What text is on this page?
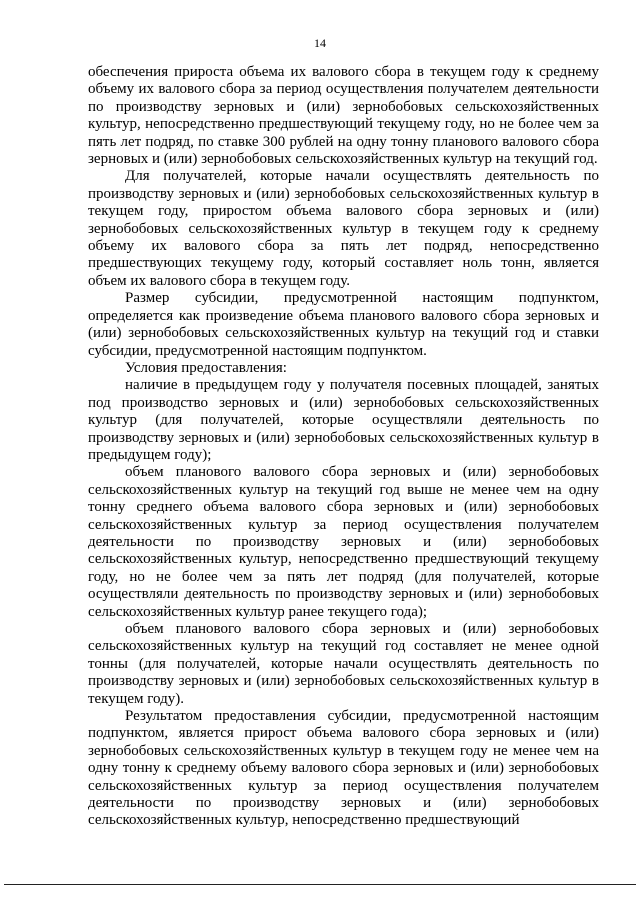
14

обеспечения прироста объема их валового сбора в текущем году к среднему объему их валового сбора за период осуществления получателем деятельности по производству зерновых и (или) зернобобовых сельскохозяйственных культур, непосредственно предшествующий текущему году, но не более чем за пять лет подряд, по ставке 300 рублей на одну тонну планового валового сбора зерновых и (или) зернобобовых сельскохозяйственных культур на текущий год.

Для получателей, которые начали осуществлять деятельность по производству зерновых и (или) зернобобовых сельскохозяйственных культур в текущем году, приростом объема валового сбора зерновых и (или) зернобобовых сельскохозяйственных культур в текущем году к среднему объему их валового сбора за пять лет подряд, непосредственно предшествующих текущему году, который составляет ноль тонн, является объем их валового сбора в текущем году.

Размер субсидии, предусмотренной настоящим подпунктом, определяется как произведение объема планового валового сбора зерновых и (или) зернобобовых сельскохозяйственных культур на текущий год и ставки субсидии, предусмотренной настоящим подпунктом.

Условия предоставления:

наличие в предыдущем году у получателя посевных площадей, занятых под производство зерновых и (или) зернобобовых сельскохозяйственных культур (для получателей, которые осуществляли деятельность по производству зерновых и (или) зернобобовых сельскохозяйственных культур в предыдущем году);

объем планового валового сбора зерновых и (или) зернобобовых сельскохозяйственных культур на текущий год выше не менее чем на одну тонну среднего объема валового сбора зерновых и (или) зернобобовых сельскохозяйственных культур за период осуществления получателем деятельности по производству зерновых и (или) зернобобовых сельскохозяйственных культур, непосредственно предшествующий текущему году, но не более чем за пять лет подряд (для получателей, которые осуществляли деятельность по производству зерновых и (или) зернобобовых сельскохозяйственных культур ранее текущего года);

объем планового валового сбора зерновых и (или) зернобобовых сельскохозяйственных культур на текущий год составляет не менее одной тонны (для получателей, которые начали осуществлять деятельность по производству зерновых и (или) зернобобовых сельскохозяйственных культур в текущем году).

Результатом предоставления субсидии, предусмотренной настоящим подпунктом, является прирост объема валового сбора зерновых и (или) зернобобовых сельскохозяйственных культур в текущем году не менее чем на одну тонну к среднему объему валового сбора зерновых и (или) зернобобовых сельскохозяйственных культур за период осуществления получателем деятельности по производству зерновых и (или) зернобобовых сельскохозяйственных культур, непосредственно предшествующий
